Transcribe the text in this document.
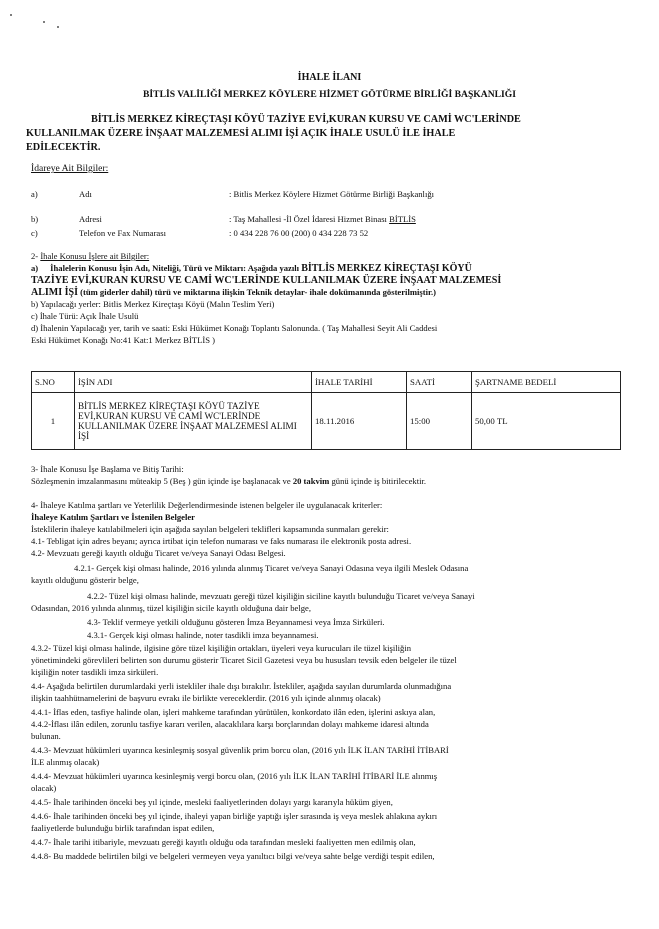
İHALE İLANI
BİTLİS VALİLİĞİ MERKEZ KÖYLERE HİZMET GÖTÜRME BİRLİĞİ BAŞKANLIĞI
BİTLİS MERKEZ KİREÇTAŞI KÖYÜ TAZİYE EVİ,KURAN KURSU VE CAMİ WC'LERİNDE
KULLANILMAK ÜZERE İNŞAAT MALZEMESİ ALIMI İŞİ AÇIK İHALE USULÜ İLE İHALE
EDİLECEKTİR.
İdareye Ait Bilgiler:
a)	Adı	: Bitlis Merkez Köylere Hizmet Götürme Birliği Başkanlığı
b)	Adresi	: Taş Mahallesi -İl Özel İdaresi Hizmet Binası BİTLİS
c)	Telefon ve Fax Numarası	: 0 434 228 76 00 (200) 0 434 228 73 52
2- İhale Konusu İşlere ait Bilgiler:
a) İhalelerin Konusu İşin Adı, Niteliği, Türü ve Miktarı: Aşağıda yazılı BİTLİS MERKEZ KİREÇTAŞI KÖYÜ
TAZİYE EVİ,KURAN KURSU VE CAMİ WC'LERİNDE KULLANILMAK ÜZERE İNŞAAT MALZEMESİ
ALIMI İŞİ (tüm giderler dahil) türü ve miktarına ilişkin Teknik detaylar- ihale dokümanında gösterilmiştir.)
b) Yapılacağı yerler: Bitlis Merkez Kireçtaşı Köyü (Malın Teslim Yeri)
c) İhale Türü: Açık İhale Usulü
d) İhalenin Yapılacağı yer, tarih ve saati: Eski Hükümet Konağı Toplantı Salonunda. ( Taş Mahallesi Seyit Ali Caddesi
Eski Hükümet Konağı No:41 Kat:1 Merkez BİTLİS )
S.NO	İŞİN ADI	İHALE TARİHİ	SAATİ	ŞARTNAME BEDELİ
1	BİTLİS MERKEZ KİREÇTAŞI KÖYÜ TAZİYE EVİ,KURAN KURSU VE CAMİ WC'LERİNDE KULLANILMAK ÜZERE İNŞAAT MALZEMESİ ALIMI İŞİ	18.11.2016	15:00	50,00 TL
3- İhale Konusu İşe Başlama ve Bitiş Tarihi:
Sözleşmenin imzalanmasını müteakip 5 (Beş ) gün içinde işe başlanacak ve 20 takvim günü içinde iş bitirilecektir.
4- İhaleye Katılma şartları ve Yeterlilik Değerlendirmesinde istenen belgeler ile uygulanacak kriterler:
İhaleye Katılım Şartları ve İstenilen Belgeler
İsteklilerin ihaleye katılabilmeleri için aşağıda sayılan belgeleri teklifleri kapsamında sunmaları gerekir:
4.1- Tebligat için adres beyanı; ayrıca irtibat için telefon numarası ve faks numarası ile elektronik posta adresi.
4.2- Mevzuatı gereği kayıtlı olduğu Ticaret ve/veya Sanayi Odası Belgesi.
4.2.1- Gerçek kişi olması halinde, 2016 yılında alınmış Ticaret ve/veya Sanayi Odasına veya ilgili Meslek Odasına
kayıtlı olduğunu gösterir belge,
4.2.2- Tüzel kişi olması halinde, mevzuatı gereği tüzel kişiliğin siciline kayıtlı bulunduğu Ticaret ve/veya Sanayi
Odasından, 2016 yılında alınmış, tüzel kişiliğin sicile kayıtlı olduğuna dair belge,
4.3- Teklif vermeye yetkili olduğunu gösteren İmza Beyannamesi veya İmza Sirküleri.
4.3.1- Gerçek kişi olması halinde, noter tasdikli imza beyannamesi.
4.3.2- Tüzel kişi olması halinde, ilgisine göre tüzel kişiliğin ortakları, üyeleri veya kurucuları ile tüzel kişiliğin
yönetimindeki görevlileri belirten son durumu gösterir Ticaret Sicil Gazetesi veya bu hususları tevsik eden belgeler ile tüzel
kişiliğin noter tasdikli imza sirküleri.
4.4- Aşağıda belirtilen durumlardaki yerli istekliler ihale dışı bırakılır. İstekliler, aşağıda sayılan durumlarda olunmadığına
ilişkin taahhütnamelerini de başvuru evrakı ile birlikte vereceklerdir. (2016 yılı içinde alınmış olacak)
4.4.1- İflas eden, tasfiye halinde olan, işleri mahkeme tarafından yürütülen, konkordato ilân eden, işlerini askıya alan,
4.4.2-İflası ilân edilen, zorunlu tasfiye kararı verilen, alacaklılara karşı borçlarından dolayı mahkeme idaresi altında
bulunan.
4.4.3- Mevzuat hükümleri uyarınca kesinleşmiş sosyal güvenlik prim borcu olan, (2016 yılı İLK İLAN TARİHİ İTİBARİ
İLE alınmış olacak)
4.4.4- Mevzuat hükümleri uyarınca kesinleşmiş vergi borcu olan, (2016 yılı İLK İLAN TARİHİ İTİBARİ İLE alınmış
olacak)
4.4.5- İhale tarihinden önceki beş yıl içinde, mesleki faaliyetlerinden dolayı yargı kararıyla hüküm giyen,
4.4.6- İhale tarihinden önceki beş yıl içinde, ihaleyi yapan birliğe yaptığı işler sırasında iş veya meslek ahlakına aykırı
faaliyetlerde bulunduğu birlik tarafından ispat edilen,
4.4.7- İhale tarihi itibariyle, mevzuatı gereği kayıtlı olduğu oda tarafından mesleki faaliyetten men edilmiş olan,
4.4.8- Bu maddede belirtilen bilgi ve belgeleri vermeyen veya yanıltıcı bilgi ve/veya sahte belge verdiği tespit edilen,
